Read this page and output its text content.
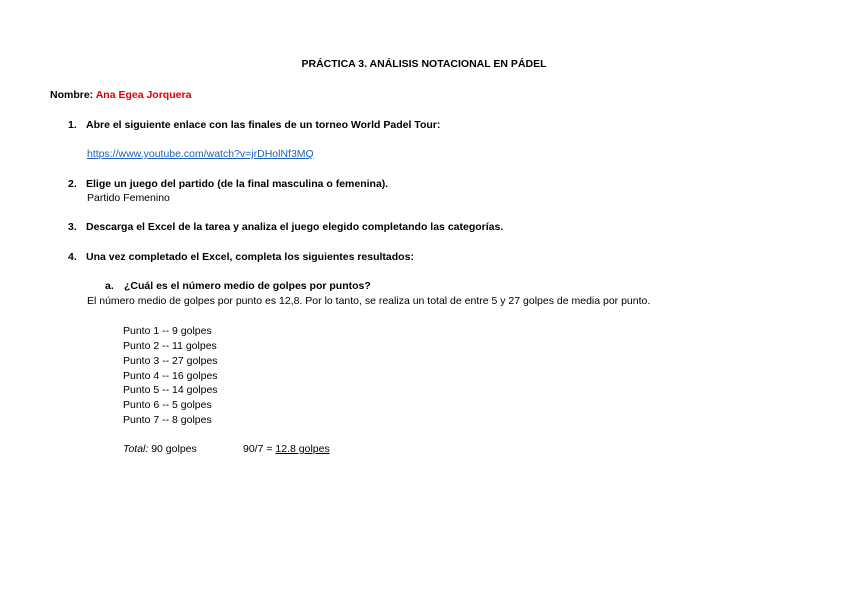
PRÁCTICA 3. ANÁLISIS NOTACIONAL EN PÁDEL
Nombre: Ana Egea Jorquera
1. Abre el siguiente enlace con las finales de un torneo World Padel Tour:
https://www.youtube.com/watch?v=jrDHolNf3MQ
2. Elige un juego del partido (de la final masculina o femenina).
Partido Femenino
3. Descarga el Excel de la tarea y analiza el juego elegido completando las categorías.
4. Una vez completado el Excel, completa los siguientes resultados:
a. ¿Cuál es el número medio de golpes por puntos?
El número medio de golpes por punto es 12,8. Por lo tanto, se realiza un total de entre 5 y 27 golpes de media por punto.
Punto 1 -- 9 golpes
Punto 2 -- 11 golpes
Punto 3 -- 27 golpes
Punto 4 -- 16 golpes
Punto 5 -- 14 golpes
Punto 6 -- 5 golpes
Punto 7 -- 8 golpes
Total: 90 golpes	90/7 = 12.8 golpes
